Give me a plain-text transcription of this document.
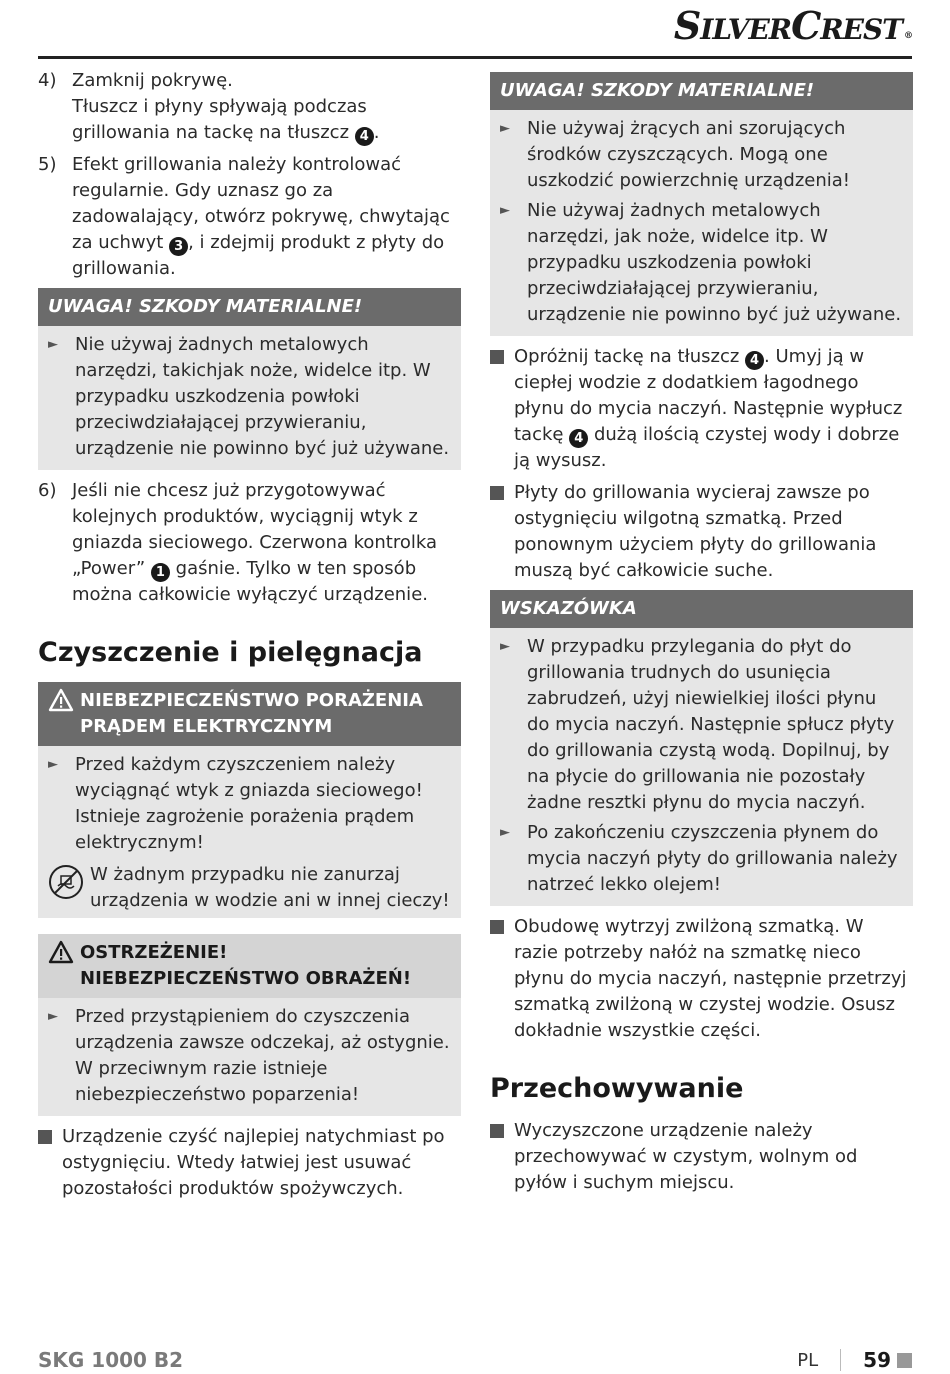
SILVERCREST ®
4) Zamknij pokrywę.
Tłuszcz i płyny spływają podczas grillowania na tackę na tłuszcz 4 .
5) Efekt grillowania należy kontrolować regularnie. Gdy uznasz go za zadowalający, otwórz pokrywę, chwytając za uchwyt 3 , i zdejmij produkt z płyty do grillowania.
UWAGA! SZKODY MATERIALNE!
► Nie używaj żadnych metalowych narzędzi, takichjak noże, widelce itp. W przypadku uszkodzenia powłoki przeciwdziałającej przywieraniu, urządzenie nie powinno być już używane.
6) Jeśli nie chcesz już przygotowywać kolejnych produktów, wyciągnij wtyk z gniazda sieciowego. Czerwona kontrolka „Power” 1 gaśnie. Tylko w ten sposób można całkowicie wyłączyć urządzenie.
Czyszczenie i pielęgnacja
NIEBEZPIECZEŃSTWO PORAŻENIA
PRĄDEM ELEKTRYCZNYM
► Przed każdym czyszczeniem należy wyciągnąć wtyk z gniazda sieciowego! Istnieje zagrożenie porażenia prądem elektrycznym!
W żadnym przypadku nie zanurzaj urządzenia w wodzie ani w innej cieczy!
OSTRZEŻENIE!
NIEBEZPIECZEŃSTWO OBRAŻEŃ!
► Przed przystąpieniem do czyszczenia urządzenia zawsze odczekaj, aż ostygnie.
W przeciwnym razie istnieje niebezpieczeństwo poparzenia!
Urządzenie czyść najlepiej natychmiast po ostygnięciu. Wtedy łatwiej jest usuwać pozostałości produktów spożywczych.
UWAGA! SZKODY MATERIALNE!
► Nie używaj żrących ani szorujących środków czyszczących. Mogą one uszkodzić powierzchnię urządzenia!
► Nie używaj żadnych metalowych narzędzi, jak noże, widelce itp. W przypadku uszkodzenia powłoki przeciwdziałającej przywieraniu, urządzenie nie powinno być już używane.
Opróżnij tackę na tłuszcz 4 . Umyj ją w ciepłej wodzie z dodatkiem łagodnego płynu do mycia naczyń. Następnie wypłucz tackę 4 dużą ilością czystej wody i dobrze ją wysusz.
Płyty do grillowania wycieraj zawsze po ostygnięciu wilgotną szmatką. Przed ponownym użyciem płyty do grillowania muszą być całkowicie suche.
WSKAZÓWKA
► W przypadku przylegania do płyt do grillowania trudnych do usunięcia zabrudzeń, użyj niewielkiej ilości płynu do mycia naczyń. Następnie spłucz płyty do grillowania czystą wodą. Dopilnuj, by na płycie do grillowania nie pozostały żadne resztki płynu do mycia naczyń.
► Po zakończeniu czyszczenia płynem do mycia naczyń płyty do grillowania należy natrzeć lekko olejem!
Obudowę wytrzyj zwilżoną szmatką. W razie potrzeby nałóż na szmatkę nieco płynu do mycia naczyń, następnie przetrzyj szmatką zwilżoną w czystej wodzie. Osusz dokładnie wszystkie części.
Przechowywanie
Wyczyszczone urządzenie należy przechowywać w czystym, wolnym od pyłów i suchym miejscu.
SKG 1000 B2	PL 59
